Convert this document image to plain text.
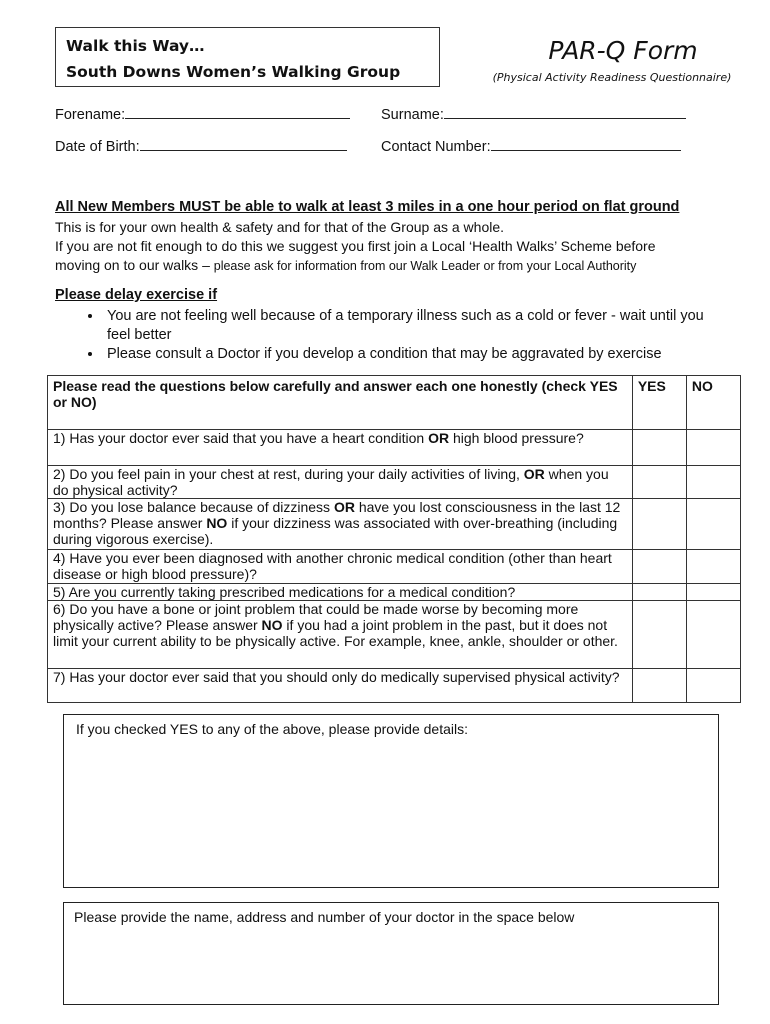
Walk this Way…
South Downs Women’s Walking Group
PAR-Q Form
(Physical Activity Readiness Questionnaire)
Forename:	Surname:
Date of Birth:	Contact Number:
All New Members MUST be able to walk at least 3 miles in a one hour period on flat ground
This is for your own health & safety and for that of the Group as a whole.
If you are not fit enough to do this we suggest you first join a Local ‘Health Walks’ Scheme before
moving on to our walks – please ask for information from our Walk Leader or from your Local Authority
Please delay exercise if
• You are not feeling well because of a temporary illness such as a cold or fever - wait until you feel better
• Please consult a Doctor if you develop a condition that may be aggravated by exercise
Please read the questions below carefully and answer each one honestly (check YES or NO)	YES	NO
1) Has your doctor ever said that you have a heart condition OR high blood pressure?		
2) Do you feel pain in your chest at rest, during your daily activities of living, OR when you do physical activity?		
3) Do you lose balance because of dizziness OR have you lost consciousness in the last 12 months? Please answer NO if your dizziness was associated with over-breathing (including during vigorous exercise).		
4) Have you ever been diagnosed with another chronic medical condition (other than heart disease or high blood pressure)?		
5) Are you currently taking prescribed medications for a medical condition?		
6) Do you have a bone or joint problem that could be made worse by becoming more physically active? Please answer NO if you had a joint problem in the past, but it does not limit your current ability to be physically active. For example, knee, ankle, shoulder or other.		
7) Has your doctor ever said that you should only do medically supervised physical activity?		
If you checked YES to any of the above, please provide details:
Please provide the name, address and number of your doctor in the space below
